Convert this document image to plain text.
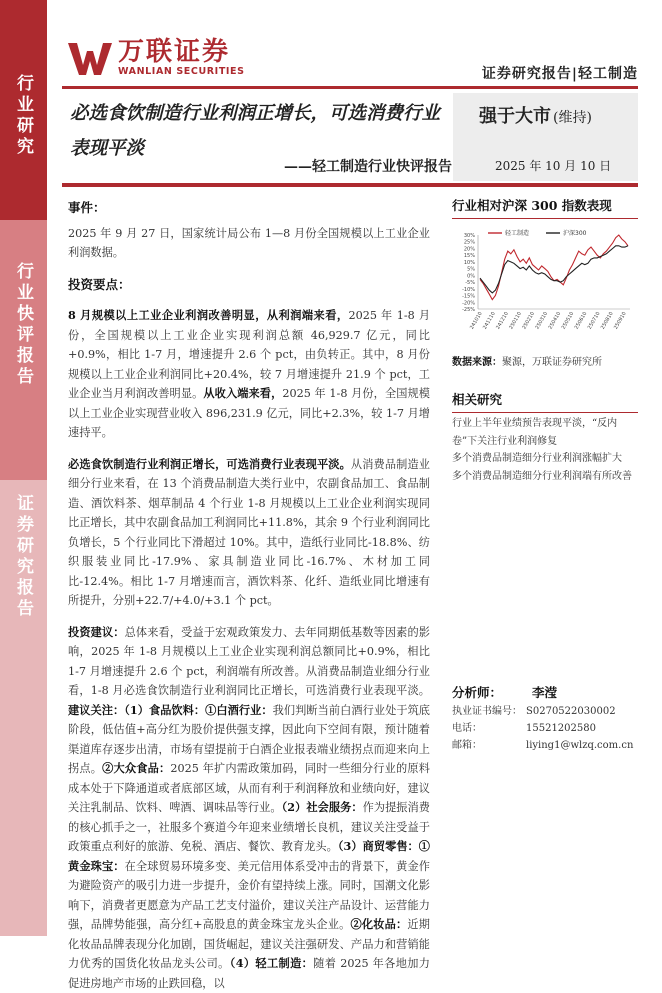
行业研究
行业快评报告
证券研究报告
万联证券
WANLIAN SECURITIES	证券研究报告|轻工制造
必选食饮制造行业利润正增长，可选消费行业表现平淡
——轻工制造行业快评报告
强于大市 (维持)
2025 年 10 月 10 日
事件：

2025 年 9 月 27 日，国家统计局公布 1—8 月份全国规模以上工业企业利润数据。

投资要点：

8 月规模以上工业企业利润改善明显，从利润端来看，2025 年 1-8 月份，全国规模以上工业企业实现利润总额 46,929.7 亿元，同比+0.9%，相比 1-7 月，增速提升 2.6 个 pct，由负转正。其中，8 月份规模以上工业企业利润同比+20.4%，较 7 月增速提升 21.9 个 pct，工业企业当月利润改善明显。从收入端来看，2025 年 1-8 月份，全国规模以上工业企业实现营业收入 896,231.9 亿元，同比+2.3%，较 1-7 月增速持平。

必选食饮制造行业利润正增长，可选消费行业表现平淡。从消费品制造业细分行业来看，在 13 个消费品制造大类行业中，农副食品加工、食品制造、酒饮料茶、烟草制品 4 个行业 1-8 月规模以上工业企业利润实现同比正增长，其中农副食品加工利润同比+11.8%，其余 9 个行业利润同比负增长，5 个行业同比下滑超过 10%。其中，造纸行业同比-18.8%、纺织服装业同比-17.9%、家具制造业同比-16.7%、木材加工同比-12.4%。相比 1-7 月增速而言，酒饮料茶、化纤、造纸业同比增速有所提升，分别+22.7/+4.0/+3.1 个 pct。

投资建议：总体来看，受益于宏观政策发力、去年同期低基数等因素的影响，2025 年 1-8 月规模以上工业企业实现利润总额同比+0.9%，相比 1-7 月增速提升 2.6 个 pct，利润端有所改善。从消费品制造业细分行业看，1-8 月必选食饮制造行业利润同比正增长，可选消费行业表现平淡。建议关注：（1）食品饮料：①白酒行业：我们判断当前白酒行业处于筑底阶段，低估值+高分红为股价提供强支撑，因此向下空间有限，预计随着渠道库存逐步出清，市场有望提前于白酒企业报表端业绩拐点而迎来向上拐点。②大众食品：2025 年扩内需政策加码，同时一些细分行业的原料成本处于下降通道或者底部区域，从而有利于利润释放和业绩向好，建议关注乳制品、饮料、啤酒、调味品等行业。（2）社会服务：作为提振消费的核心抓手之一，社服多个赛道今年迎来业绩增长良机，建议关注受益于政策重点利好的旅游、免税、酒店、餐饮、教育龙头。（3）商贸零售：①黄金珠宝：在全球贸易环境多变、美元信用体系受冲击的背景下，黄金作为避险资产的吸引力进一步提升，金价有望持续上涨。同时，国潮文化影响下，消费者更愿意为产品工艺支付溢价，建议关注产品设计、运营能力强，品牌势能强，高分红+高股息的黄金珠宝龙头企业。②化妆品：近期化妆品品牌表现分化加剧，国货崛起，建议关注强研发、产品力和营销能力优秀的国货化妆品龙头公司。（4）轻工制造：随着 2025 年各地加力促进房地产市场的止跌回稳，以

行业相对沪深 300 指数表现
30%
25%
20%
15%
10%
5%
0%
-5%
-10%
-15%
-20%
-25%
241010
241110
241210
250110
250210
250310
250410
250510
250610
250710
250810
250910
轻工制造	沪深300
数据来源：聚源，万联证券研究所
相关研究
行业上半年业绩预告表现平淡，“反内卷”下关注行业利润修复
多个消费品制造细分行业利润涨幅扩大
多个消费品制造细分行业利润端有所改善
分析师：	李滢
执业证书编号： S0270522030002
电话：	15521202580
邮箱：	liying1@wlzq.com.cn
